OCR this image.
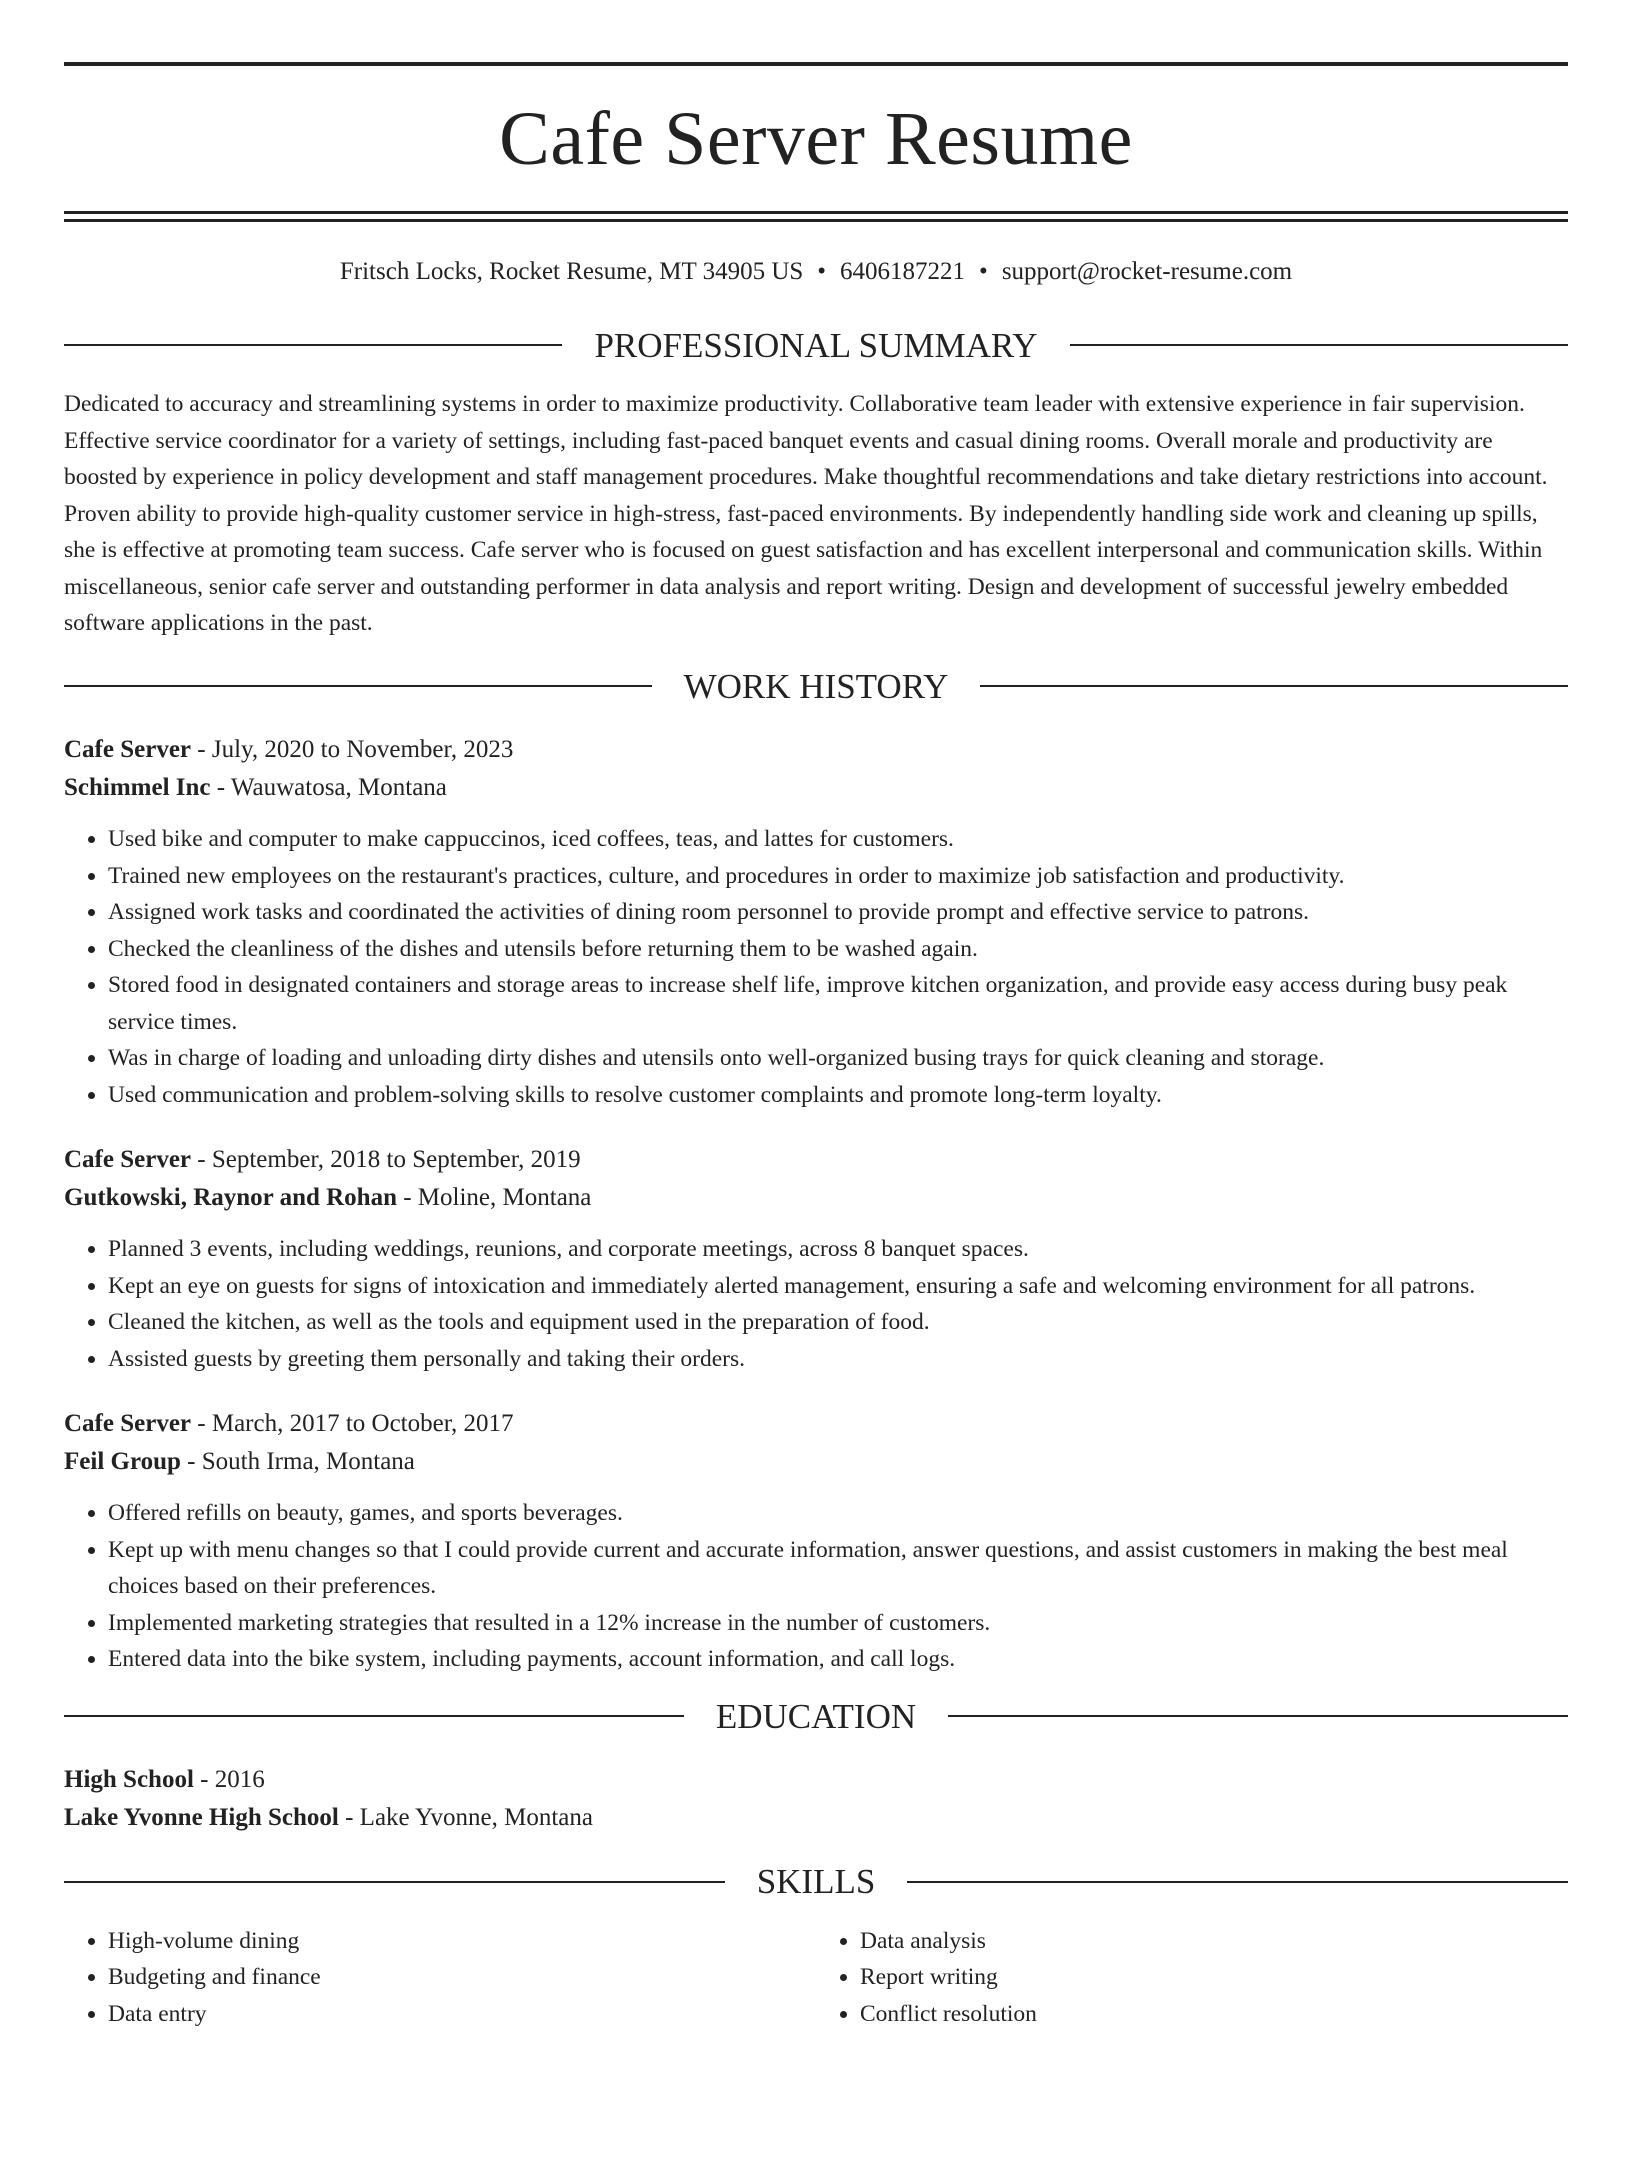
Cafe Server Resume
Fritsch Locks, Rocket Resume, MT 34905 US • 6406187221 • support@rocket-resume.com
PROFESSIONAL SUMMARY

Dedicated to accuracy and streamlining systems in order to maximize productivity. Collaborative team leader with extensive experience in fair supervision. Effective service coordinator for a variety of settings, including fast-paced banquet events and casual dining rooms. Overall morale and productivity are boosted by experience in policy development and staff management procedures. Make thoughtful recommendations and take dietary restrictions into account. Proven ability to provide high-quality customer service in high-stress, fast-paced environments. By independently handling side work and cleaning up spills, she is effective at promoting team success. Cafe server who is focused on guest satisfaction and has excellent interpersonal and communication skills. Within miscellaneous, senior cafe server and outstanding performer in data analysis and report writing. Design and development of successful jewelry embedded software applications in the past.

WORK HISTORY
Cafe Server - July, 2020 to November, 2023
Schimmel Inc - Wauwatosa, Montana
• Used bike and computer to make cappuccinos, iced coffees, teas, and lattes for customers.
• Trained new employees on the restaurant's practices, culture, and procedures in order to maximize job satisfaction and productivity.
• Assigned work tasks and coordinated the activities of dining room personnel to provide prompt and effective service to patrons.
• Checked the cleanliness of the dishes and utensils before returning them to be washed again.
• Stored food in designated containers and storage areas to increase shelf life, improve kitchen organization, and provide easy access during busy peak service times.
• Was in charge of loading and unloading dirty dishes and utensils onto well-organized busing trays for quick cleaning and storage.
• Used communication and problem-solving skills to resolve customer complaints and promote long-term loyalty.
Cafe Server - September, 2018 to September, 2019
Gutkowski, Raynor and Rohan - Moline, Montana
• Planned 3 events, including weddings, reunions, and corporate meetings, across 8 banquet spaces.
• Kept an eye on guests for signs of intoxication and immediately alerted management, ensuring a safe and welcoming environment for all patrons.
• Cleaned the kitchen, as well as the tools and equipment used in the preparation of food.
• Assisted guests by greeting them personally and taking their orders.
Cafe Server - March, 2017 to October, 2017
Feil Group - South Irma, Montana
• Offered refills on beauty, games, and sports beverages.
• Kept up with menu changes so that I could provide current and accurate information, answer questions, and assist customers in making the best meal choices based on their preferences.
• Implemented marketing strategies that resulted in a 12% increase in the number of customers.
• Entered data into the bike system, including payments, account information, and call logs.
EDUCATION
High School - 2016
Lake Yvonne High School - Lake Yvonne, Montana
SKILLS
• High-volume dining
• Budgeting and finance
• Data entry
• Data analysis
• Report writing
• Conflict resolution
